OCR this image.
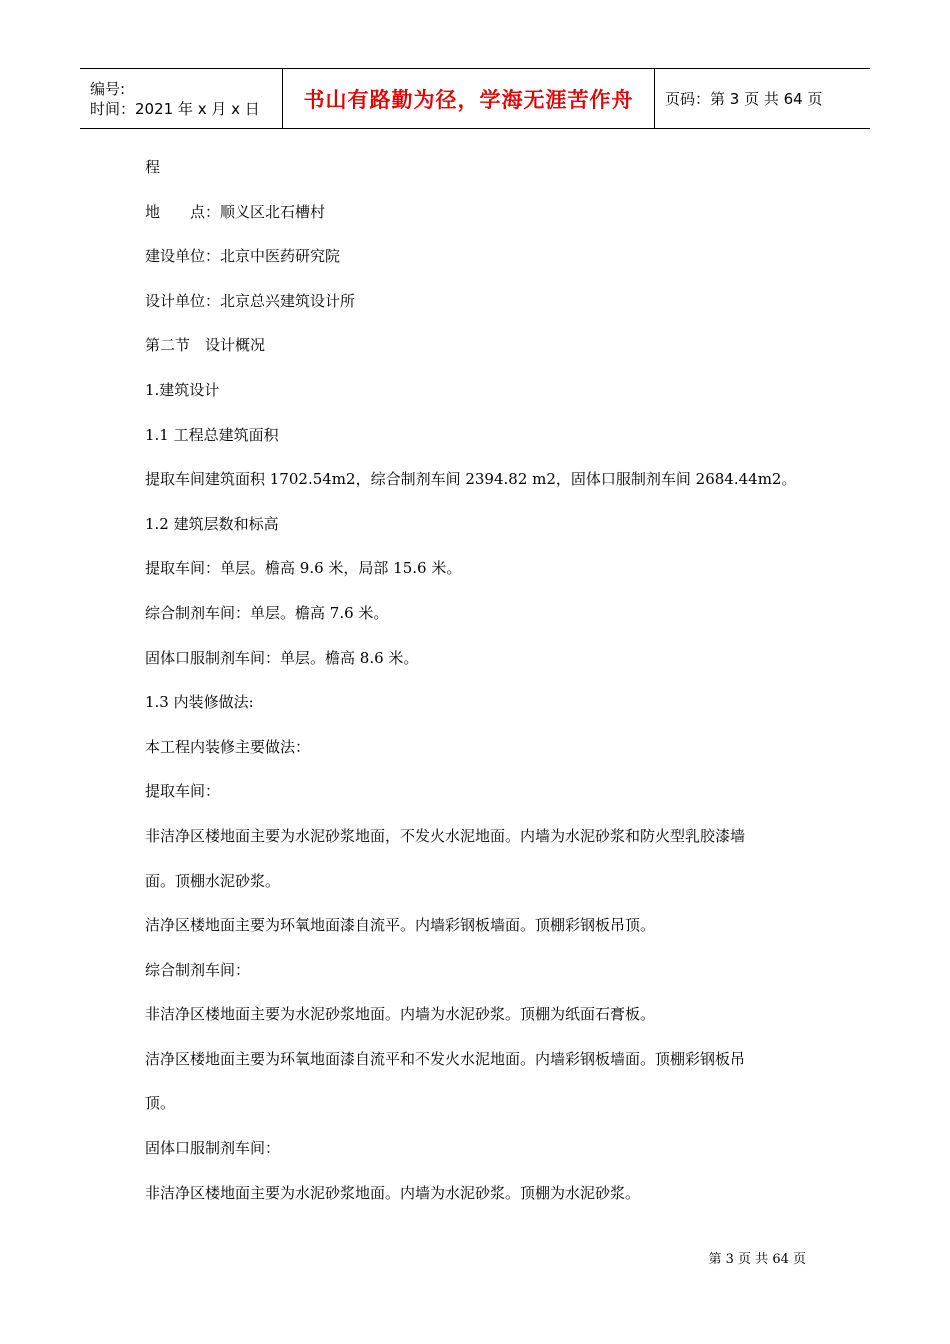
编号:
时间：2021 年 x 月 x 日	书山有路勤为径，学海无涯苦作舟 页码：第 3 页 共 64 页
程
地　　点：顺义区北石槽村
建设单位：北京中医药研究院
设计单位：北京总兴建筑设计所
第二节　设计概况
1.建筑设计
1.1 工程总建筑面积
提取车间建筑面积 1702.54m2，综合制剂车间 2394.82 m2，固体口服制剂车间 2684.44m2。
1.2 建筑层数和标高
提取车间：单层。檐高 9.6 米，局部 15.6 米。
综合制剂车间：单层。檐高 7.6 米。
固体口服制剂车间：单层。檐高 8.6 米。
1.3 内装修做法:
本工程内装修主要做法：
提取车间：
非洁净区楼地面主要为水泥砂浆地面，不发火水泥地面。内墙为水泥砂浆和防火型乳胶漆墙
面。顶棚水泥砂浆。
洁净区楼地面主要为环氧地面漆自流平。内墙彩钢板墙面。顶棚彩钢板吊顶。
综合制剂车间：
非洁净区楼地面主要为水泥砂浆地面。内墙为水泥砂浆。顶棚为纸面石膏板。
洁净区楼地面主要为环氧地面漆自流平和不发火水泥地面。内墙彩钢板墙面。顶棚彩钢板吊
顶。
固体口服制剂车间：
非洁净区楼地面主要为水泥砂浆地面。内墙为水泥砂浆。顶棚为水泥砂浆。
第 3 页 共 64 页
